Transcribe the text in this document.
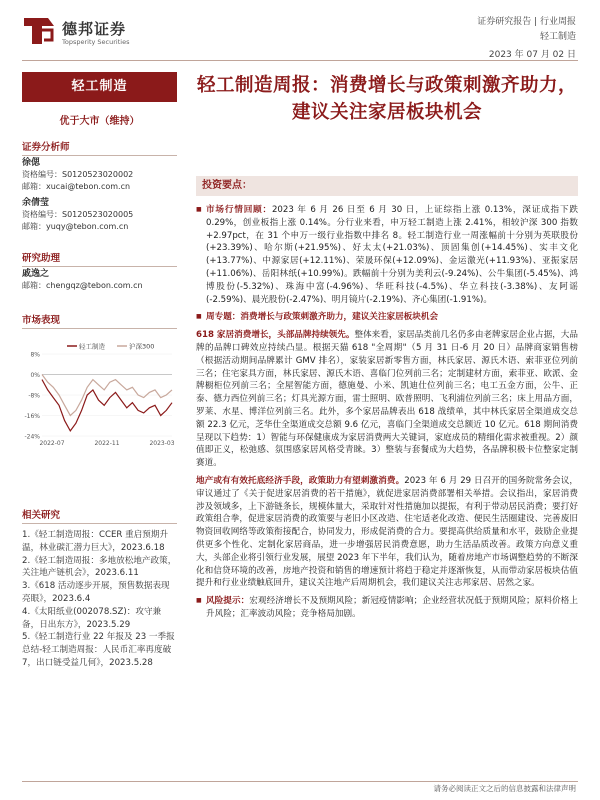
德邦证券
Topsperity Securities
证券研究报告 | 行业周报
轻工制造
2023 年 07 月 02 日
轻工制造
优于大市（维持）
证券分析师
徐偲
资格编号：S0120523020002
邮箱：xucai@tebon.com.cn
余倩莹
资格编号：S0120523020005
邮箱：yuqy@tebon.com.cn
研究助理
戚逸之
邮箱：chengqz@tebon.com.cn
市场表现
8%
0%
-8%
-16%
-24%
2022-07	2022-11	2023-03
轻工制造	沪深300
相关研究
1.《轻工制造周报：CCER 重启预期升温，林业碳汇潜力巨大》，2023.6.18
2.《轻工制造周报：多地放松地产政策，关注地产链机会》，2023.6.11
3.《618 活动逐步开展，预售数据表现亮眼》，2023.6.4
4.《太阳纸业(002078.SZ)：攻守兼备，日出东方》，2023.5.29
5.《轻工制造行业 22 年报及 23 一季报总结-轻工制造周报：人民币汇率再度破 7，出口链受益几何》，2023.5.28
轻工制造周报：消费增长与政策刺激齐助力，建议关注家居板块机会
投资要点：

■ 市场行情回顾：2023 年 6 月 26 日至 6 月 30 日，上证综指上涨 0.13%，深证成指下跌 0.29%，创业板指上涨 0.14%。分行业来看，申万轻工制造上涨 2.41%，相较沪深 300 指数+2.97pct，在 31 个申万一级行业指数中排名 8。轻工制造行业一周涨幅前十分别为英联股份(+23.39%)、哈尔斯(+21.95%)、好太太(+21.03%)、顶固集创(+14.45%)、实丰文化(+13.77%)、中源家居(+12.11%)、荣晟环保(+12.09%)、金运激光(+11.93%)、亚振家居(+11.06%)、岳阳林纸(+10.99%)。跌幅前十分别为美利云(-9.24%)、公牛集团(-5.45%)、鸿博股份(-5.32%)、珠海中富(-4.96%)、华旺科技(-4.5%)、华立科技(-3.38%)、友阿谣(-2.59%)、晨光股份(-2.47%)、明月镜片(-2.19%)、齐心集团(-1.91%)。

■ 周专题：消费增长与政策刺激齐助力，建议关注家居板块机会

618 家居消费增长，头部品牌持续领先。整体来看，家居品类前几名仍多由老牌家居企业占据，大品牌的品牌口碑效应持续凸显。根据天猫 618 "全周期"（5 月 31 日-6 月 20 日）品牌商家销售榜（根据活动期间品牌累计 GMV 排名），家装家居新零售方面，林氏家居、源氏木语、索菲亚位列前三名；住宅家具方面，林氏家居、源氏木语、喜临门位列前三名；定制建材方面，索菲亚、欧派、金牌橱柜位列前三名；全屋智能方面，德施曼、小米、凯迪仕位列前三名；电工五金方面，公牛、正泰、德力西位列前三名；灯具光源方面，雷士照明、欧普照明、飞利浦位列前三名；床上用品方面，罗莱、水星、博洋位列前三名。此外，多个家居品牌表出 618 战绩单，其中林氏家居全渠道成交总额 22.3 亿元，芝华仕全渠道成交总额 9.6 亿元，喜临门全渠道成交总额近 10 亿元。618 期间消费呈现以下趋势：1）智能与环保健康成为家居消费两大关键词，家庭成员的精细化需求被重视。2）颜值即正义，松弛感、氛围感家居风格受青睐。3）整装与套餐成为大趋势，各品牌积极卡位整家定制赛道。

地产或有有效托底经济手段，政策助力有望刺激消费。2023 年 6 月 29 日召开的国务院常务会议，审议通过了《关于促进家居消费的若干措施》，就促进家居消费部署相关举措。会议指出，家居消费涉及领域多，上下游链条长，规模体量大，采取针对性措施加以提振，有利于带动居民消费；要打好政策组合拳，促进家居消费的政策要与老旧小区改造、住宅适老化改造、便民生活圈建设、完善废旧物资回收网络等政策衔接配合，协同发力，形成促消费的合力。要提高供给质量和水平，鼓励企业提供更多个性化、定制化家居商品，进一步增强居民消费意愿，助力生活品质改善。政策方向意义重大，头部企业将引领行业发展，展望 2023 年下半年，我们认为，随着房地产市场调整趋势的不断深化和信贷环境的改善，房地产投资和销售的增速预计将趋于稳定并逐渐恢复，从而带动家居板块估值提升和行业业绩触底回升，建议关注地产后周期机会，我们建议关注志邦家居、居然之家。

■ 风险提示：宏观经济增长不及预期风险；新冠疫情影响；企业经营状况低于预期风险；原料价格上升风险；汇率波动风险；竞争格局加剧。

请务必阅读正文之后的信息披露和法律声明
